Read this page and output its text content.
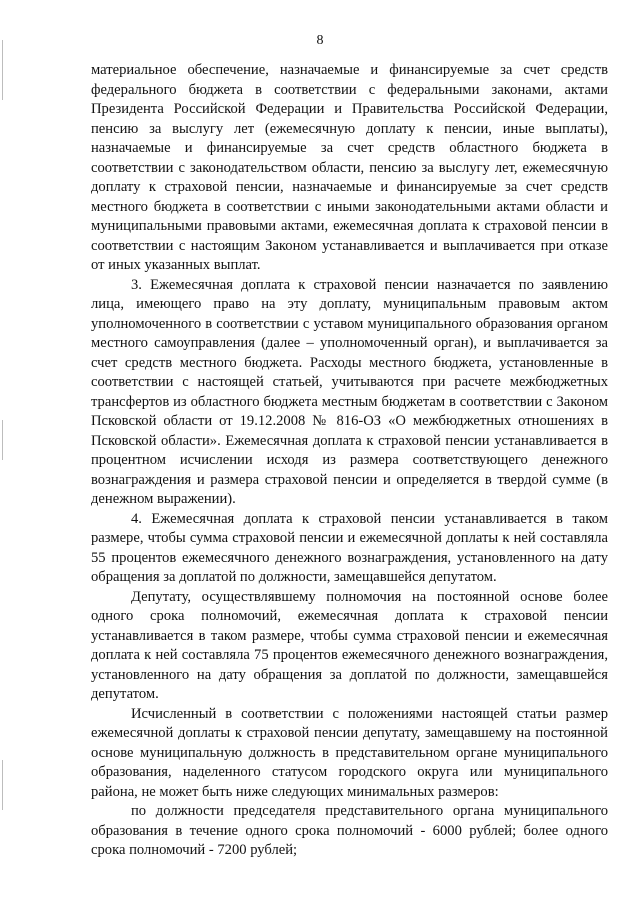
8

материальное обеспечение, назначаемые и финансируемые за счет средств федерального бюджета в соответствии с федеральными законами, актами Президента Российской Федерации и Правительства Российской Федерации, пенсию за выслугу лет (ежемесячную доплату к пенсии, иные выплаты), назначаемые и финансируемые за счет средств областного бюджета в соответствии с законодательством области, пенсию за выслугу лет, ежемесячную доплату к страховой пенсии, назначаемые и финансируемые за счет средств местного бюджета в соответствии с иными законодательными актами области и муниципальными правовыми актами, ежемесячная доплата к страховой пенсии в соответствии с настоящим Законом устанавливается и выплачивается при отказе от иных указанных выплат.

3. Ежемесячная доплата к страховой пенсии назначается по заявлению лица, имеющего право на эту доплату, муниципальным правовым актом уполномоченного в соответствии с уставом муниципального образования органом местного самоуправления (далее – уполномоченный орган), и выплачивается за счет средств местного бюджета. Расходы местного бюджета, установленные в соответствии с настоящей статьей, учитываются при расчете межбюджетных трансфертов из областного бюджета местным бюджетам в соответствии с Законом Псковской области от 19.12.2008 № 816-ОЗ «О межбюджетных отношениях в Псковской области». Ежемесячная доплата к страховой пенсии устанавливается в процентном исчислении исходя из размера соответствующего денежного вознаграждения и размера страховой пенсии и определяется в твердой сумме (в денежном выражении).

4. Ежемесячная доплата к страховой пенсии устанавливается в таком размере, чтобы сумма страховой пенсии и ежемесячной доплаты к ней составляла 55 процентов ежемесячного денежного вознаграждения, установленного на дату обращения за доплатой по должности, замещавшейся депутатом.

Депутату, осуществлявшему полномочия на постоянной основе более одного срока полномочий, ежемесячная доплата к страховой пенсии устанавливается в таком размере, чтобы сумма страховой пенсии и ежемесячная доплата к ней составляла 75 процентов ежемесячного денежного вознаграждения, установленного на дату обращения за доплатой по должности, замещавшейся депутатом.

Исчисленный в соответствии с положениями настоящей статьи размер ежемесячной доплаты к страховой пенсии депутату, замещавшему на постоянной основе муниципальную должность в представительном органе муниципального образования, наделенного статусом городского округа или муниципального района, не может быть ниже следующих минимальных размеров:

по должности председателя представительного органа муниципального образования в течение одного срока полномочий - 6000 рублей; более одного срока полномочий - 7200 рублей;
